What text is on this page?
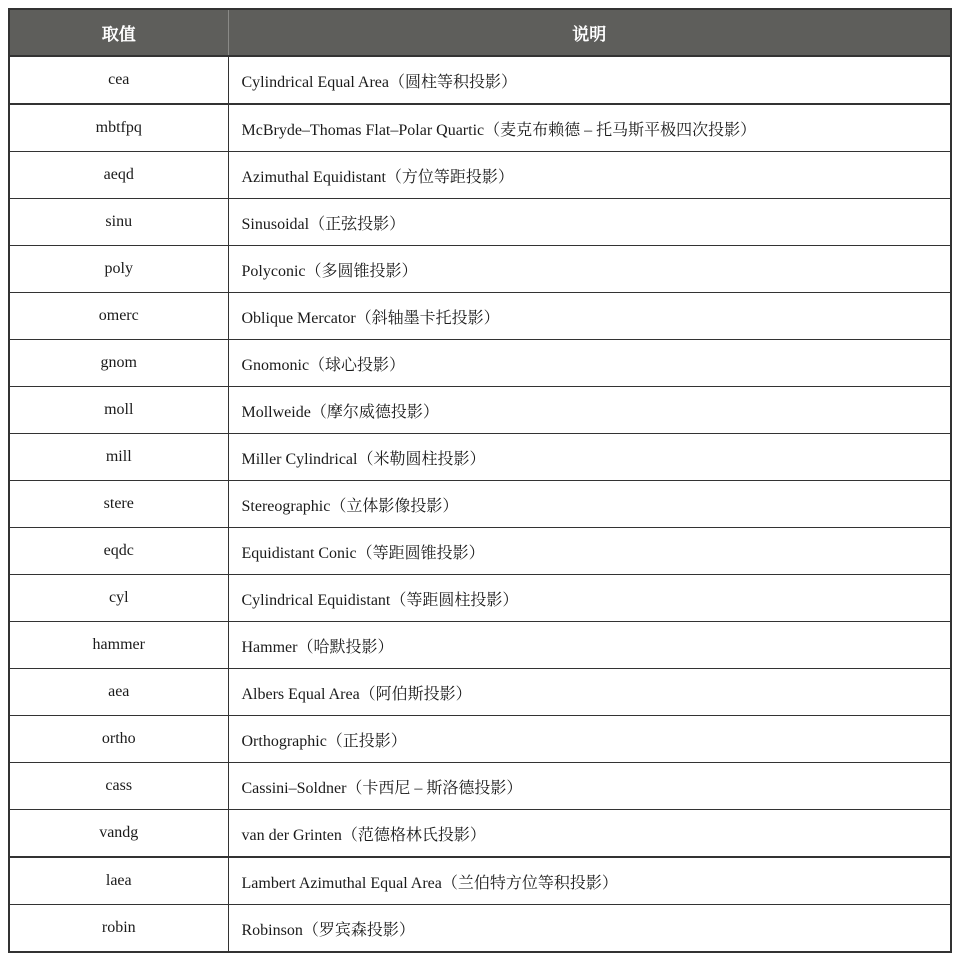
取值	说明
cea	Cylindrical Equal Area（圆柱等积投影）
mbtfpq	McBryde–Thomas Flat–Polar Quartic（麦克布赖德 – 托马斯平极四次投影）
aeqd	Azimuthal Equidistant（方位等距投影）
sinu	Sinusoidal（正弦投影）
poly	Polyconic（多圆锥投影）
omerc	Oblique Mercator（斜轴墨卡托投影）
gnom	Gnomonic（球心投影）
moll	Mollweide（摩尔威德投影）
mill	Miller Cylindrical（米勒圆柱投影）
stere	Stereographic（立体影像投影）
eqdc	Equidistant Conic（等距圆锥投影）
cyl	Cylindrical Equidistant（等距圆柱投影）
hammer	Hammer（哈默投影）
aea	Albers Equal Area（阿伯斯投影）
ortho	Orthographic（正投影）
cass	Cassini–Soldner（卡西尼 – 斯洛德投影）
vandg	van der Grinten（范德格林氏投影）
laea	Lambert Azimuthal Equal Area（兰伯特方位等积投影）
robin	Robinson（罗宾森投影）
